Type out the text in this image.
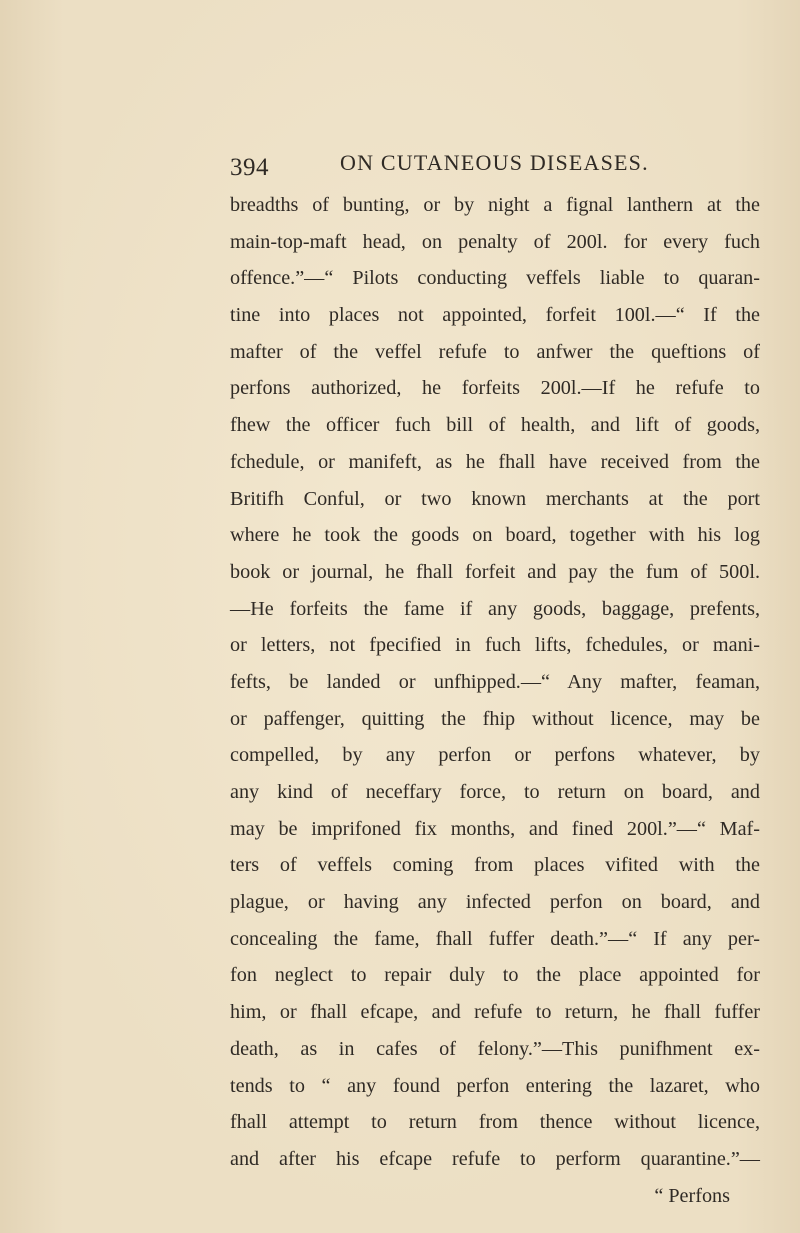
394	ON CUTANEOUS DISEASES.
breadths of bunting, or by night a fignal lanthern at the
main-top-maft head, on penalty of 200l. for every fuch
offence.”—“ Pilots conducting veffels liable to quaran-
tine into places not appointed, forfeit 100l.—“ If the
mafter of the veffel refufe to anfwer the queftions of
perfons authorized, he forfeits 200l.—If he refufe to
fhew the officer fuch bill of health, and lift of goods,
fchedule, or manifeft, as he fhall have received from the
Britifh Conful, or two known merchants at the port
where he took the goods on board, together with his log
book or journal, he fhall forfeit and pay the fum of 500l.
—He forfeits the fame if any goods, baggage, prefents,
or letters, not fpecified in fuch lifts, fchedules, or mani-
fefts, be landed or unfhipped.—“ Any mafter, feaman,
or paffenger, quitting the fhip without licence, may be
compelled, by any perfon or perfons whatever, by
any kind of neceffary force, to return on board, and
may be imprifoned fix months, and fined 200l.”—“ Maf-
ters of veffels coming from places vifited with the
plague, or having any infected perfon on board, and
concealing the fame, fhall fuffer death.”—“ If any per-
fon neglect to repair duly to the place appointed for
him, or fhall efcape, and refufe to return, he fhall fuffer
death, as in cafes of felony.”—This punifhment ex-
tends to “ any found perfon entering the lazaret, who
fhall attempt to return from thence without licence,
and after his efcape refufe to perform quarantine.”—
“ Perfons
